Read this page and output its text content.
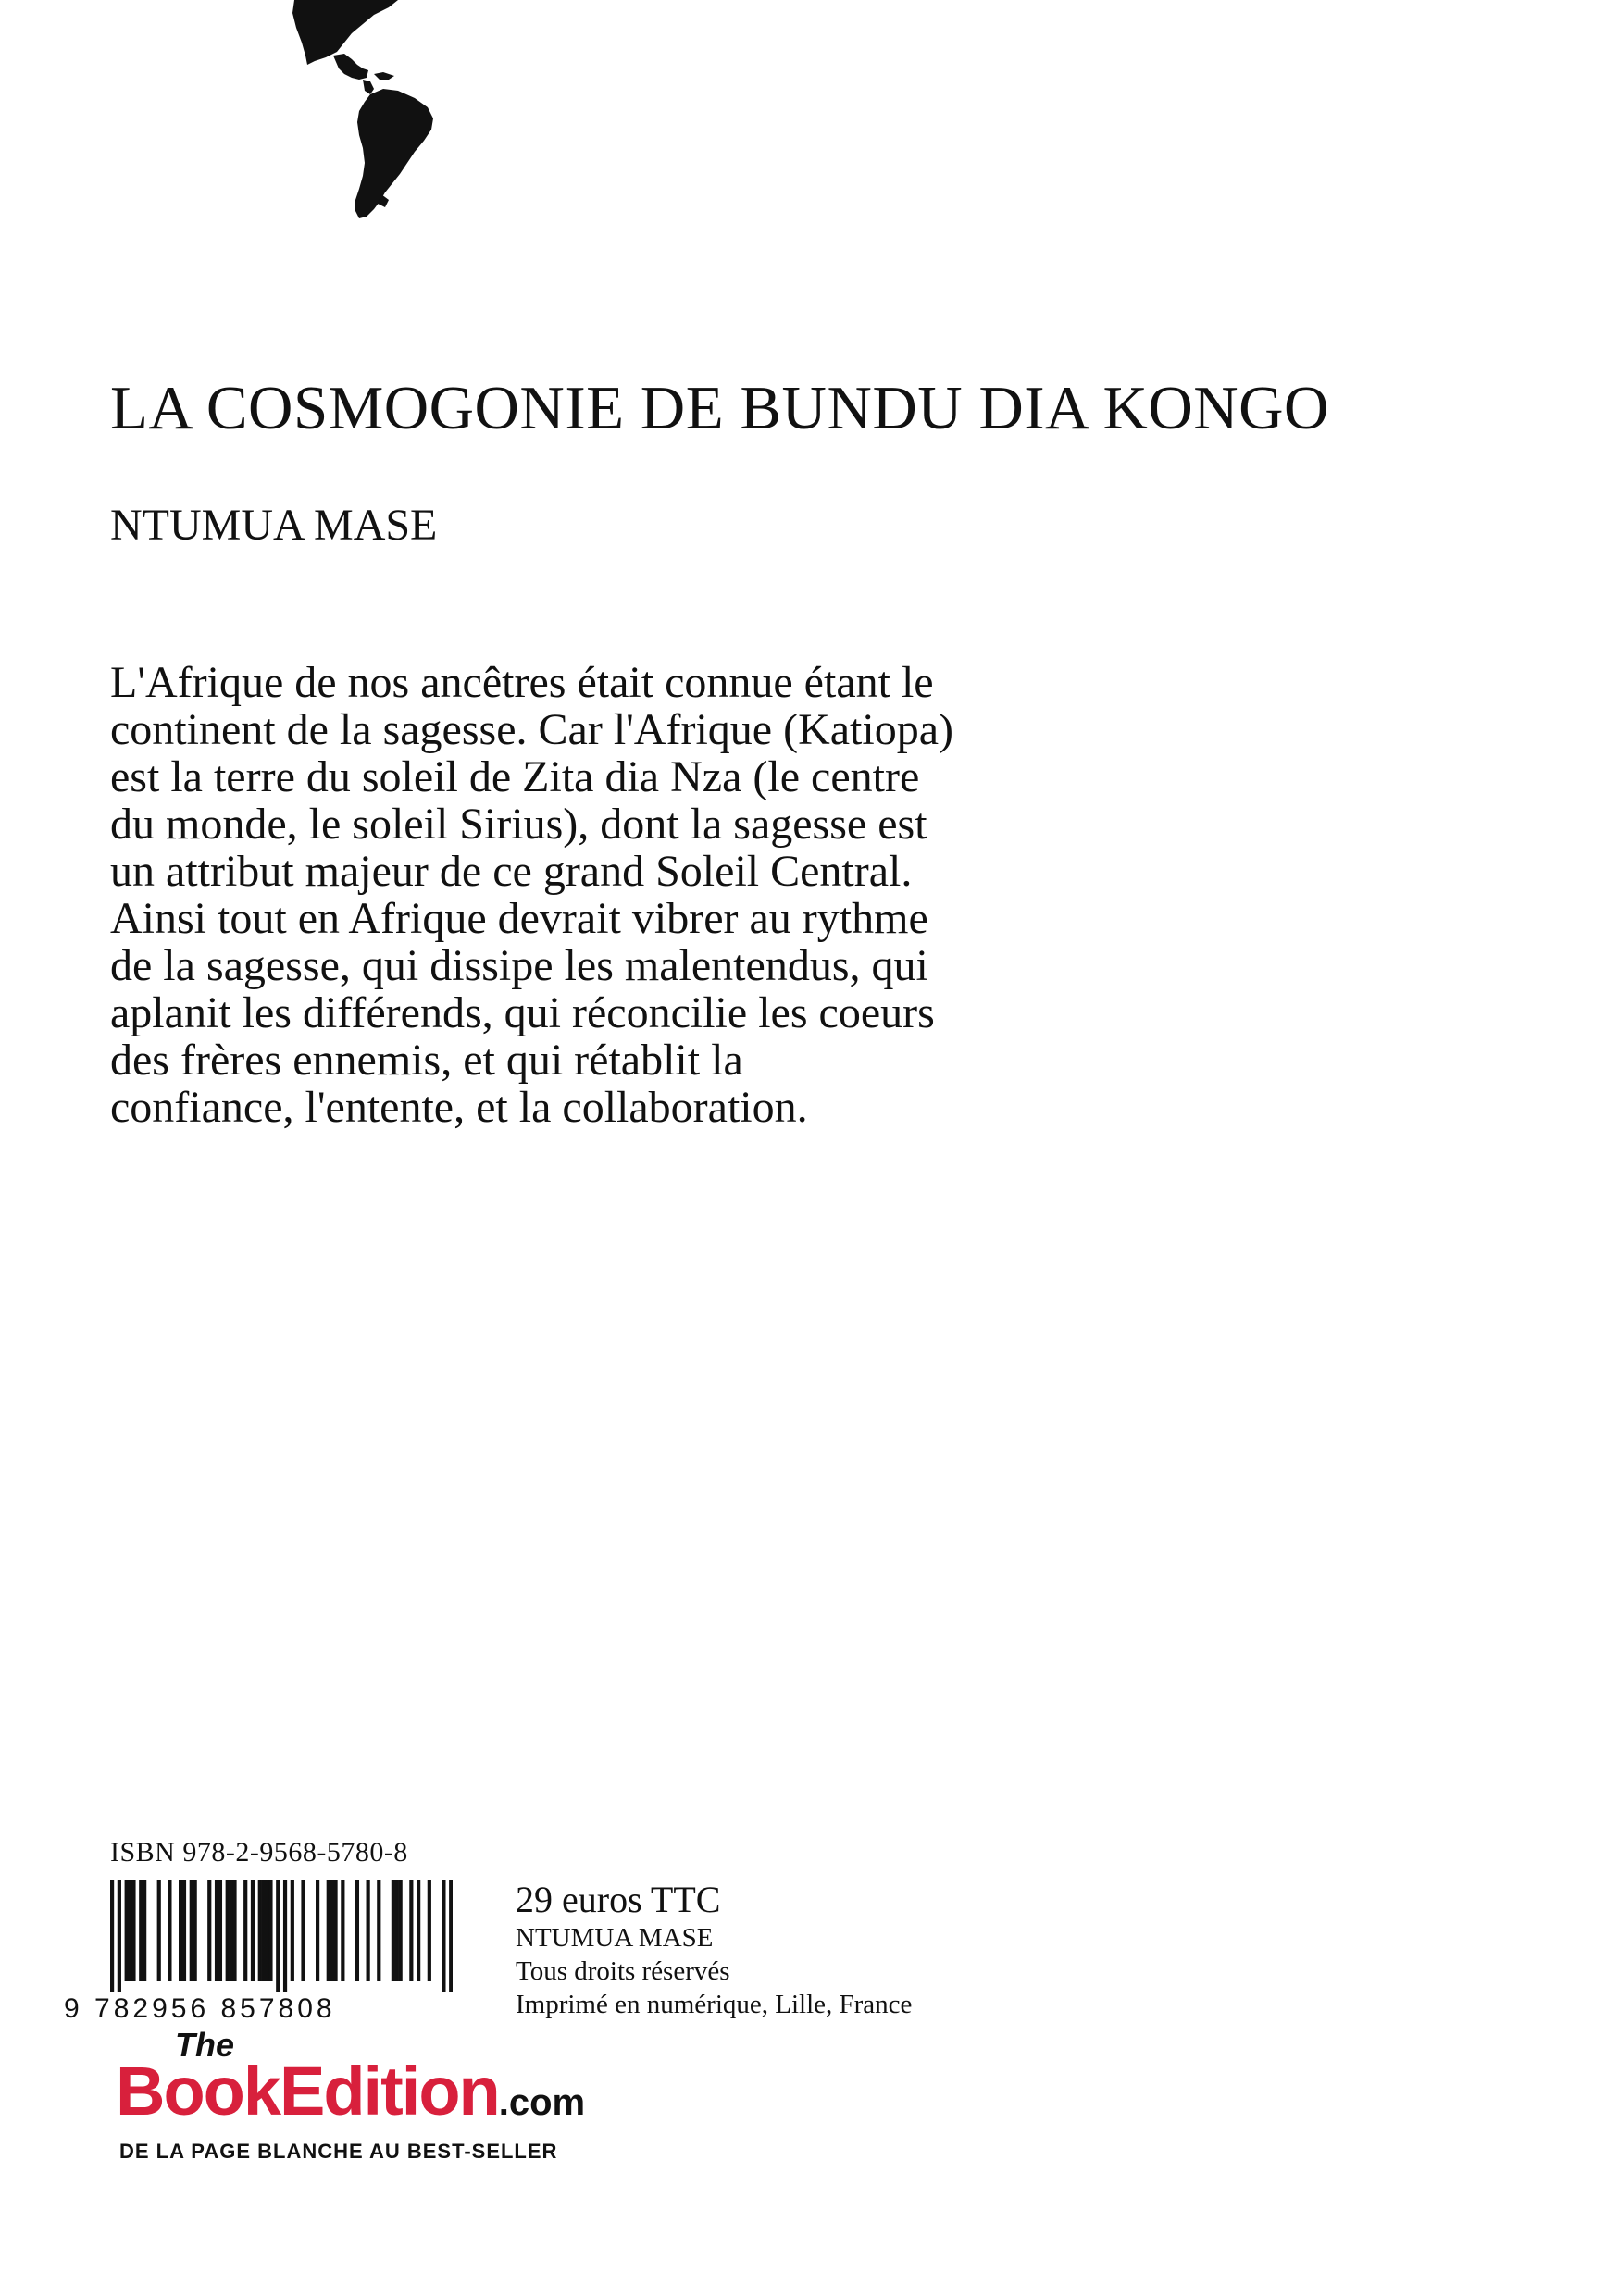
LA COSMOGONIE DE BUNDU DIA KONGO
NTUMUA MASE

L'Afrique de nos ancêtres était connue étant le
continent de la sagesse. Car l'Afrique (Katiopa)
est la terre du soleil de Zita dia Nza (le centre
du monde, le soleil Sirius), dont la sagesse est
un attribut majeur de ce grand Soleil Central.
Ainsi tout en Afrique devrait vibrer au rythme
de la sagesse, qui dissipe les malentendus, qui
aplanit les différends, qui réconcilie les coeurs
des frères ennemis, et qui rétablit la
confiance, l'entente, et la collaboration.

ISBN 978-2-9568-5780-8
9 782956 857808
29 euros TTC
NTUMUA MASE
Tous droits réservés
Imprimé en numérique, Lille, France
The
BookEdition.com
DE LA PAGE BLANCHE AU BEST-SELLER
